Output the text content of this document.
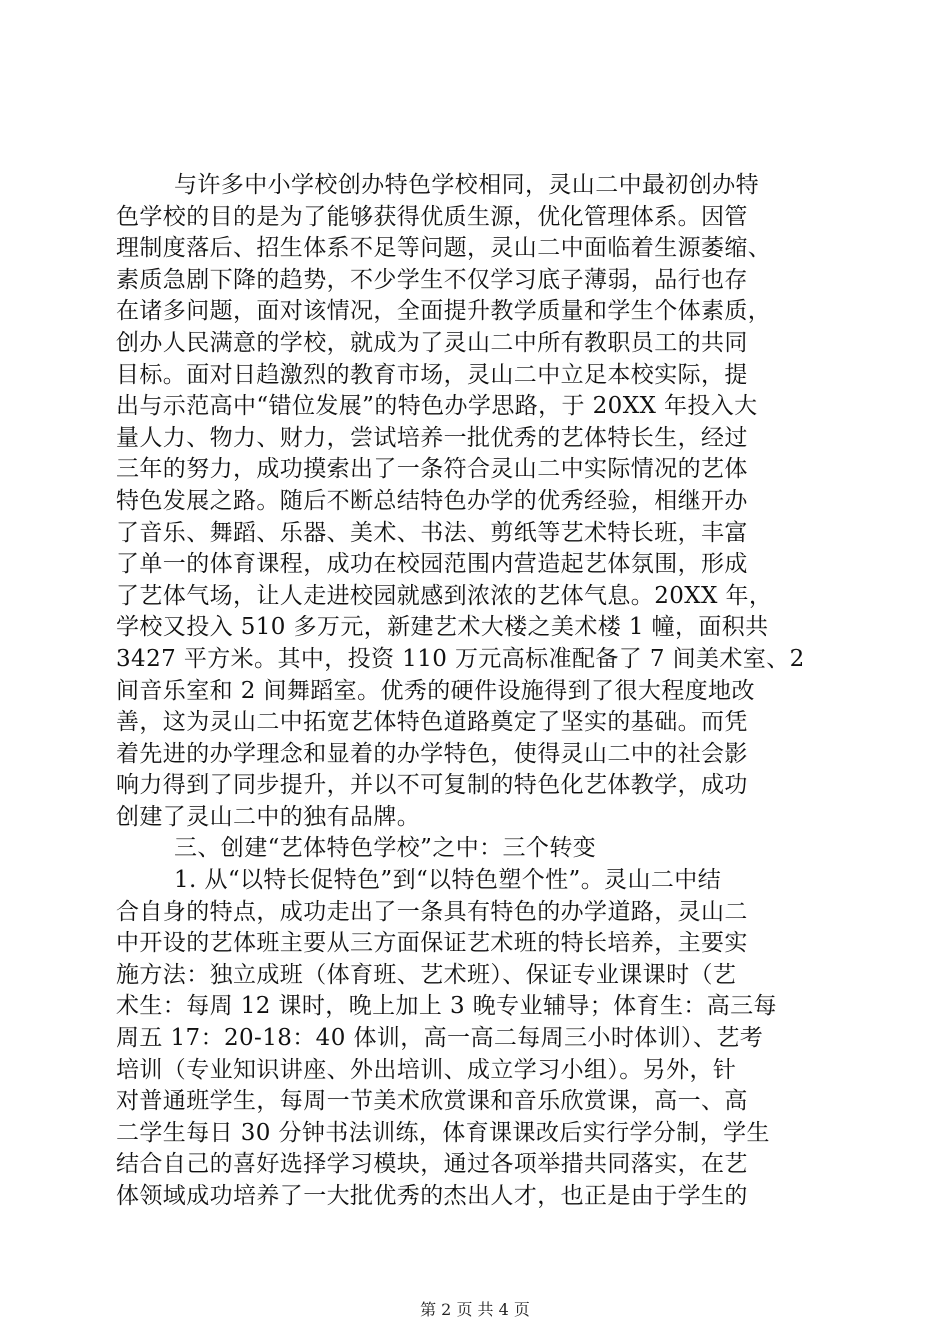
与许多中小学校创办特色学校相同，灵山二中最初创办特
色学校的目的是为了能够获得优质生源，优化管理体系。因管
理制度落后、招生体系不足等问题，灵山二中面临着生源萎缩、
素质急剧下降的趋势，不少学生不仅学习底子薄弱，品行也存
在诸多问题，面对该情况，全面提升教学质量和学生个体素质，
创办人民满意的学校，就成为了灵山二中所有教职员工的共同
目标。面对日趋激烈的教育市场，灵山二中立足本校实际，提
出与示范高中“错位发展”的特色办学思路，于 20XX 年投入大
量人力、物力、财力，尝试培养一批优秀的艺体特长生，经过
三年的努力，成功摸索出了一条符合灵山二中实际情况的艺体
特色发展之路。随后不断总结特色办学的优秀经验，相继开办
了音乐、舞蹈、乐器、美术、书法、剪纸等艺术特长班，丰富
了单一的体育课程，成功在校园范围内营造起艺体氛围，形成
了艺体气场，让人走进校园就感到浓浓的艺体气息。20XX 年，
学校又投入 510 多万元，新建艺术大楼之美术楼 1 幢，面积共
3427 平方米。其中，投资 110 万元高标准配备了 7 间美术室、2
间音乐室和 2 间舞蹈室。优秀的硬件设施得到了很大程度地改
善，这为灵山二中拓宽艺体特色道路奠定了坚实的基础。而凭
着先进的办学理念和显着的办学特色，使得灵山二中的社会影
响力得到了同步提升，并以不可复制的特色化艺体教学，成功
创建了灵山二中的独有品牌。
三、创建“艺体特色学校”之中：三个转变
1. 从“以特长促特色”到“以特色塑个性”。灵山二中结
合自身的特点，成功走出了一条具有特色的办学道路，灵山二
中开设的艺体班主要从三方面保证艺术班的特长培养，主要实
施方法：独立成班（体育班、艺术班）、保证专业课课时（艺
术生：每周 12 课时，晚上加上 3 晚专业辅导；体育生：高三每
周五 17：20-18：40 体训，高一高二每周三小时体训）、艺考
培训（专业知识讲座、外出培训、成立学习小组）。另外，针
对普通班学生，每周一节美术欣赏课和音乐欣赏课，高一、高
二学生每日 30 分钟书法训练，体育课课改后实行学分制，学生
结合自己的喜好选择学习模块，通过各项举措共同落实，在艺
体领域成功培养了一大批优秀的杰出人才，也正是由于学生的
第 2 页 共 4 页
